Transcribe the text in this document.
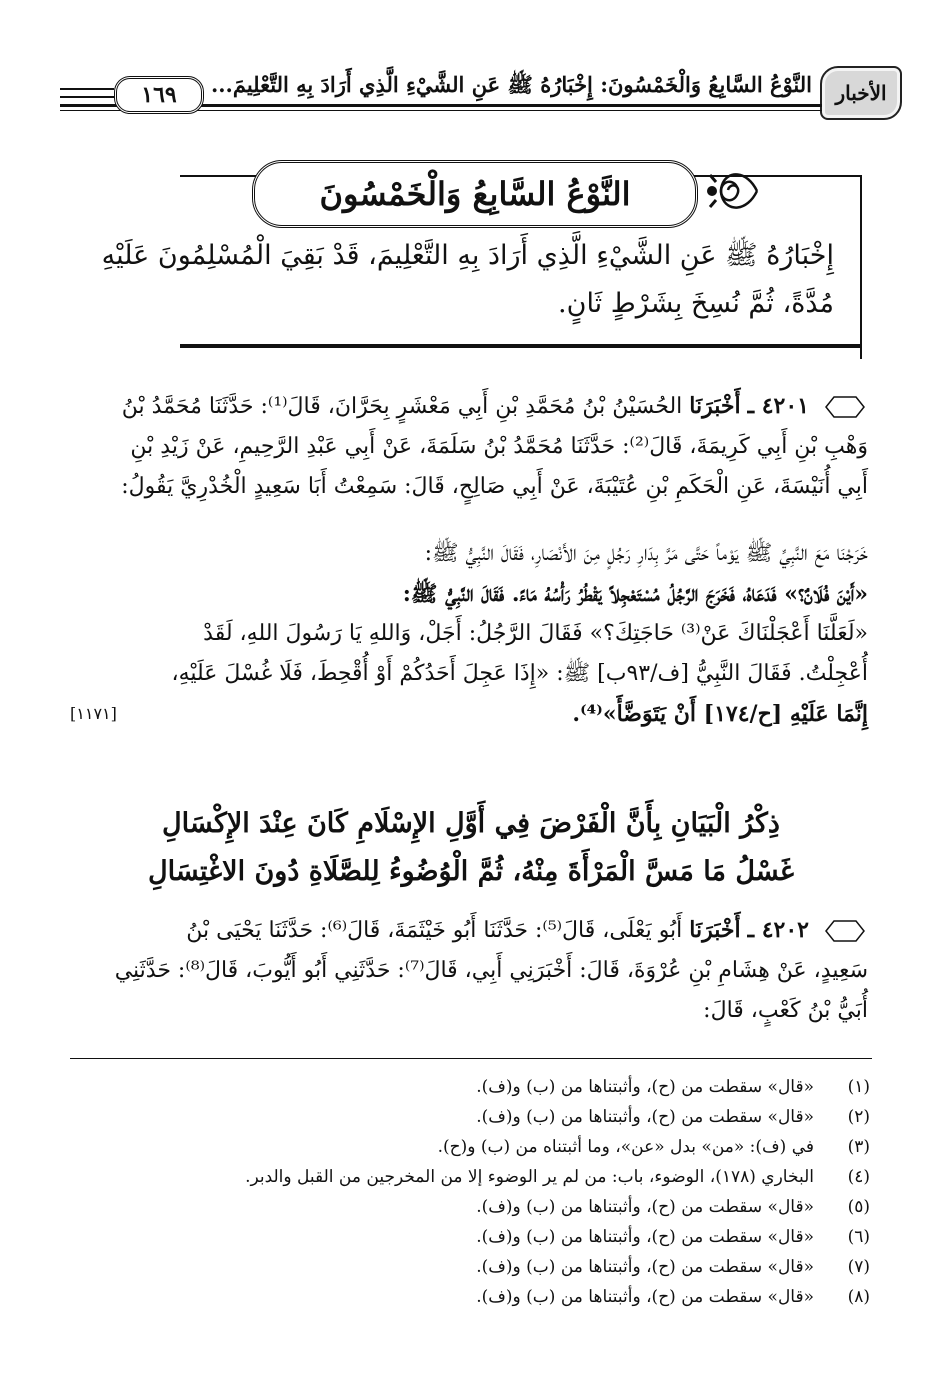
الأخبار
النَّوْعُ السَّابِعُ وَالْخَمْسُونَ: إِخْبَارُهُ ﷺ عَنِ الشَّيْءِ الَّذِي أَرَادَ بِهِ التَّعْلِيمَ...
١٦٩
النَّوْعُ السَّابِعُ وَالْخَمْسُونَ
إِخْبَارُهُ ﷺ عَنِ الشَّيْءِ الَّذِي أَرَادَ بِهِ التَّعْلِيمَ، قَدْ بَقِيَ الْمُسْلِمُونَ عَلَيْهِ
مُدَّةً، ثُمَّ نُسِخَ بِشَرْطٍ ثَانٍ.
٤٢٠١ ـ أَخْبَرَنَا الحُسَيْنُ بْنُ مُحَمَّدِ بْنِ أَبِي مَعْشَرٍ بِحَرَّانَ، قَالَ⁽¹⁾: حَدَّثَنَا مُحَمَّدُ بْنُ
وَهْبِ بْنِ أَبِي كَرِيمَةَ، قَالَ⁽²⁾: حَدَّثَنَا مُحَمَّدُ بْنُ سَلَمَةَ، عَنْ أَبِي عَبْدِ الرَّحِيمِ، عَنْ زَيْدِ بْنِ
أَبِي أُنَيْسَةَ، عَنِ الْحَكَمِ بْنِ عُتَيْبَةَ، عَنْ أَبِي صَالِحٍ، قَالَ: سَمِعْتُ أَبَا سَعِيدٍ الْخُدْرِيَّ يَقُولُ:
خَرَجْنَا مَعَ النَّبِيِّ ﷺ يَوْماً حَتَّى مَرَّ بِدَارِ رَجُلٍ مِنَ الأَنْصَارِ، فَقَالَ النَّبِيُّ ﷺ:
«أَيْنَ فُلَانٌ؟» فَدَعَاهُ، فَخَرَجَ الرَّجُلُ مُسْتَعْجِلاً يَقْطُرُ رَأْسُهُ مَاءً. فَقَالَ النَّبِيُّ ﷺ:
«لَعَلَّنَا أَعْجَلْنَاكَ عَنْ⁽³⁾ حَاجَتِكَ؟» فَقَالَ الرَّجُلُ: أَجَلْ، وَاللهِ يَا رَسُولَ اللهِ، لَقَدْ
أُعْجِلْتُ. فَقَالَ النَّبِيُّ [ف/٩٣ب] ﷺ: «إِذَا عَجِلَ أَحَدُكُمْ أَوْ أُقْحِطَ، فَلَا غُسْلَ عَلَيْهِ،
إِنَّمَا عَلَيْهِ [ح/١٧٤] أَنْ يَتَوَضَّأَ»⁽⁴⁾.
[١١٧١]
ذِكْرُ الْبَيَانِ بِأَنَّ الْفَرْضَ فِي أَوَّلِ الإِسْلَامِ كَانَ عِنْدَ الإِكْسَالِ
غَسْلُ مَا مَسَّ الْمَرْأَةَ مِنْهُ، ثُمَّ الْوُضُوءُ لِلصَّلَاةِ دُونَ الاغْتِسَالِ
٤٢٠٢ ـ أَخْبَرَنَا أَبُو يَعْلَى، قَالَ⁽⁵⁾: حَدَّثَنَا أَبُو خَيْثَمَةَ، قَالَ⁽⁶⁾: حَدَّثَنَا يَحْيَى بْنُ
سَعِيدٍ، عَنْ هِشَامِ بْنِ عُرْوَةَ، قَالَ: أَخْبَرَنِي أَبِي، قَالَ⁽⁷⁾: حَدَّثَنِي أَبُو أَيُّوبَ، قَالَ⁽⁸⁾: حَدَّثَنِي
أُبَيُّ بْنُ كَعْبٍ، قَالَ:
(١)«قال» سقطت من (ح)، وأثبتناها من (ب) و(ف).
(٢)«قال» سقطت من (ح)، وأثبتناها من (ب) و(ف).
(٣)في (ف): «من» بدل «عن»، وما أثبتناه من (ب) و(ح).
(٤)البخاري (١٧٨)، الوضوء، باب: من لم ير الوضوء إلا من المخرجين من القبل والدبر.
(٥)«قال» سقطت من (ح)، وأثبتناها من (ب) و(ف).
(٦)«قال» سقطت من (ح)، وأثبتناها من (ب) و(ف).
(٧)«قال» سقطت من (ح)، وأثبتناها من (ب) و(ف).
(٨)«قال» سقطت من (ح)، وأثبتناها من (ب) و(ف).
